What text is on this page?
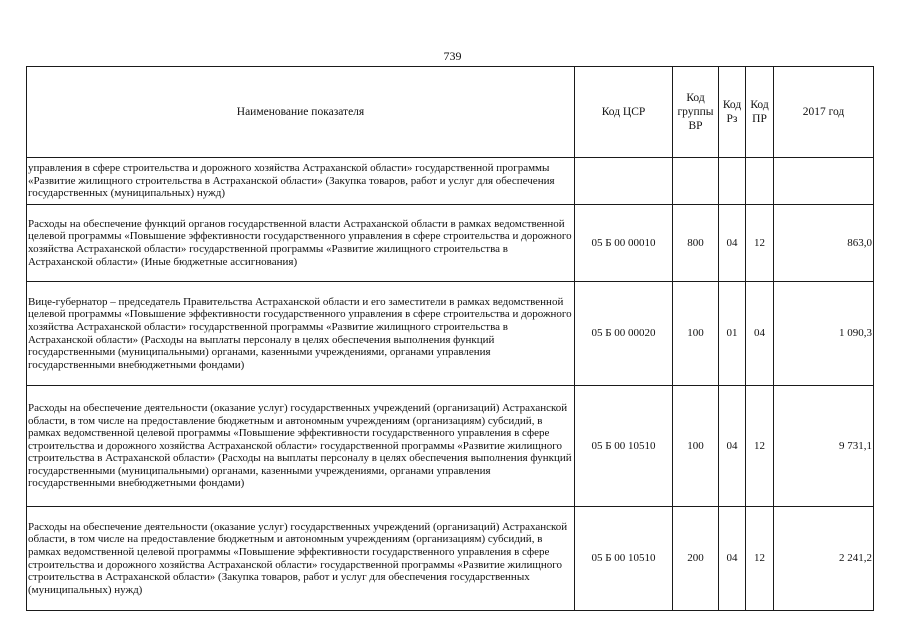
739
Наименование показателя	Код ЦСР	Код группы ВР	Код Рз	Код ПР	2017 год
управления в сфере строительства и дорожного хозяйства Астраханской области» государственной программы «Развитие жилищного строительства в Астраханской области» (Закупка товаров, работ и услуг для обеспечения государственных (муниципальных) нужд)					
Расходы на обеспечение функций органов государственной власти Астраханской области в рамках ведомственной целевой программы «Повышение эффективности государственного управления в сфере строительства и дорожного хозяйства Астраханской области» государственной программы «Развитие жилищного строительства в Астраханской области» (Иные бюджетные ассигнования)	05 Б 00 00010	800	04	12	863,0
Вице-губернатор – председатель Правительства Астраханской области и его заместители в рамках ведомственной целевой программы «Повышение эффективности государственного управления в сфере строительства и дорожного хозяйства Астраханской области» государственной программы «Развитие жилищного строительства в Астраханской области» (Расходы на выплаты персоналу в целях обеспечения выполнения функций государственными (муниципальными) органами, казенными учреждениями, органами управления государственными внебюджетными фондами)	05 Б 00 00020	100	01	04	1 090,3
Расходы на обеспечение деятельности (оказание услуг) государственных учреждений (организаций) Астраханской области, в том числе на предоставление бюджетным и автономным учреждениям (организациям) субсидий, в рамках ведомственной целевой программы «Повышение эффективности государственного управления в сфере строительства и дорожного хозяйства Астраханской области» государственной программы «Развитие жилищного строительства в Астраханской области» (Расходы на выплаты персоналу в целях обеспечения выполнения функций государственными (муниципальными) органами, казенными учреждениями, органами управления государственными внебюджетными фондами)	05 Б 00 10510	100	04	12	9 731,1
Расходы на обеспечение деятельности (оказание услуг) государственных учреждений (организаций) Астраханской области, в том числе на предоставление бюджетным и автономным учреждениям (организациям) субсидий, в рамках ведомственной целевой программы «Повышение эффективности государственного управления в сфере строительства и дорожного хозяйства Астраханской области» государственной программы «Развитие жилищного строительства в Астраханской области» (Закупка товаров, работ и услуг для обеспечения государственных (муниципальных) нужд)	05 Б 00 10510	200	04	12	2 241,2
